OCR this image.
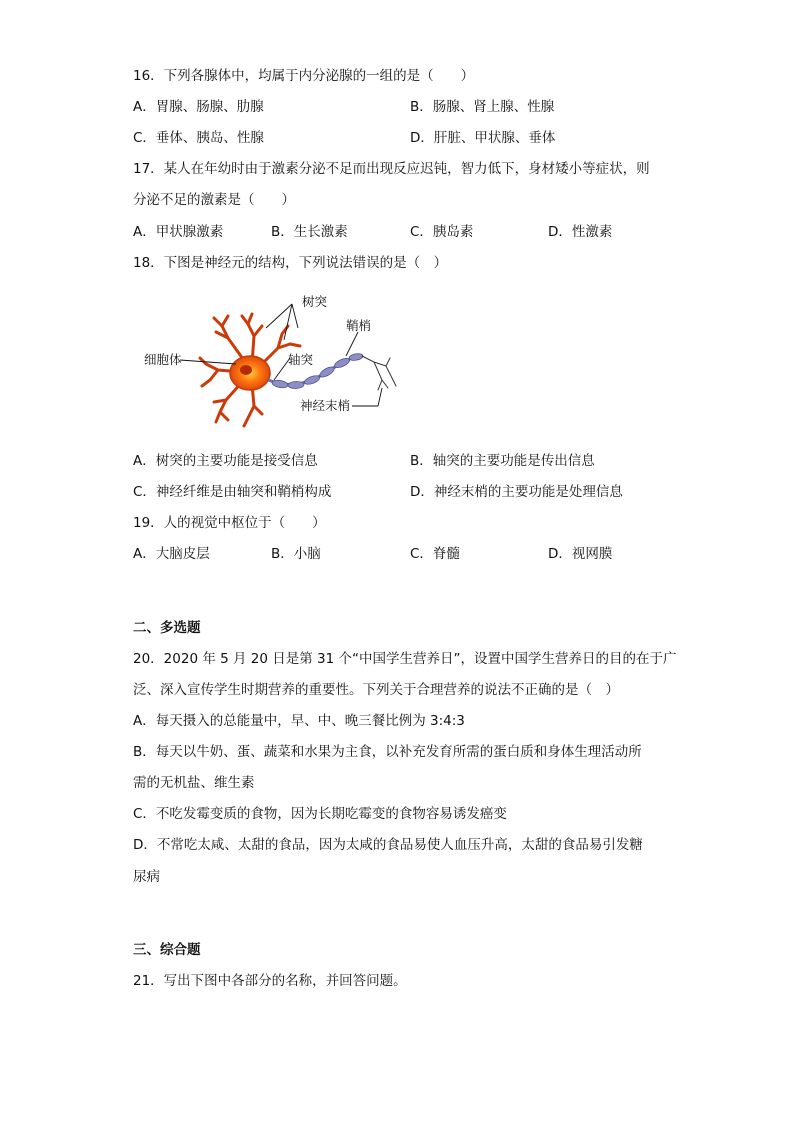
16．下列各腺体中，均属于内分泌腺的一组的是（　　）
A．胃腺、肠腺、肋腺	B．肠腺、肾上腺、性腺
C．垂体、胰岛、性腺	D．肝脏、甲状腺、垂体
17．某人在年幼时由于激素分泌不足而出现反应迟钝，智力低下，身材矮小等症状，则
分泌不足的激素是（　　）
A．甲状腺激素	B．生长激素	C．胰岛素	D．性激素
18．下图是神经元的结构，下列说法错误的是（　）
树突
鞘梢
细胞体	轴突
神经末梢
A．树突的主要功能是接受信息	B．轴突的主要功能是传出信息
C．神经纤维是由轴突和鞘梢构成	D．神经末梢的主要功能是处理信息
19．人的视觉中枢位于（　　）
A．大脑皮层	B．小脑	C．脊髓	D．视网膜
二、多选题
20．2020 年 5 月 20 日是第 31 个“中国学生营养日”，设置中国学生营养日的目的在于广
泛、深入宣传学生时期营养的重要性。下列关于合理营养的说法不正确的是（　）
A．每天摄入的总能量中，早、中、晚三餐比例为 3:4:3
B．每天以牛奶、蛋、蔬菜和水果为主食，以补充发育所需的蛋白质和身体生理活动所
需的无机盐、维生素
C．不吃发霉变质的食物，因为长期吃霉变的食物容易诱发癌变
D．不常吃太咸、太甜的食品，因为太咸的食品易使人血压升高，太甜的食品易引发糖
尿病
三、综合题
21．写出下图中各部分的名称，并回答问题。
